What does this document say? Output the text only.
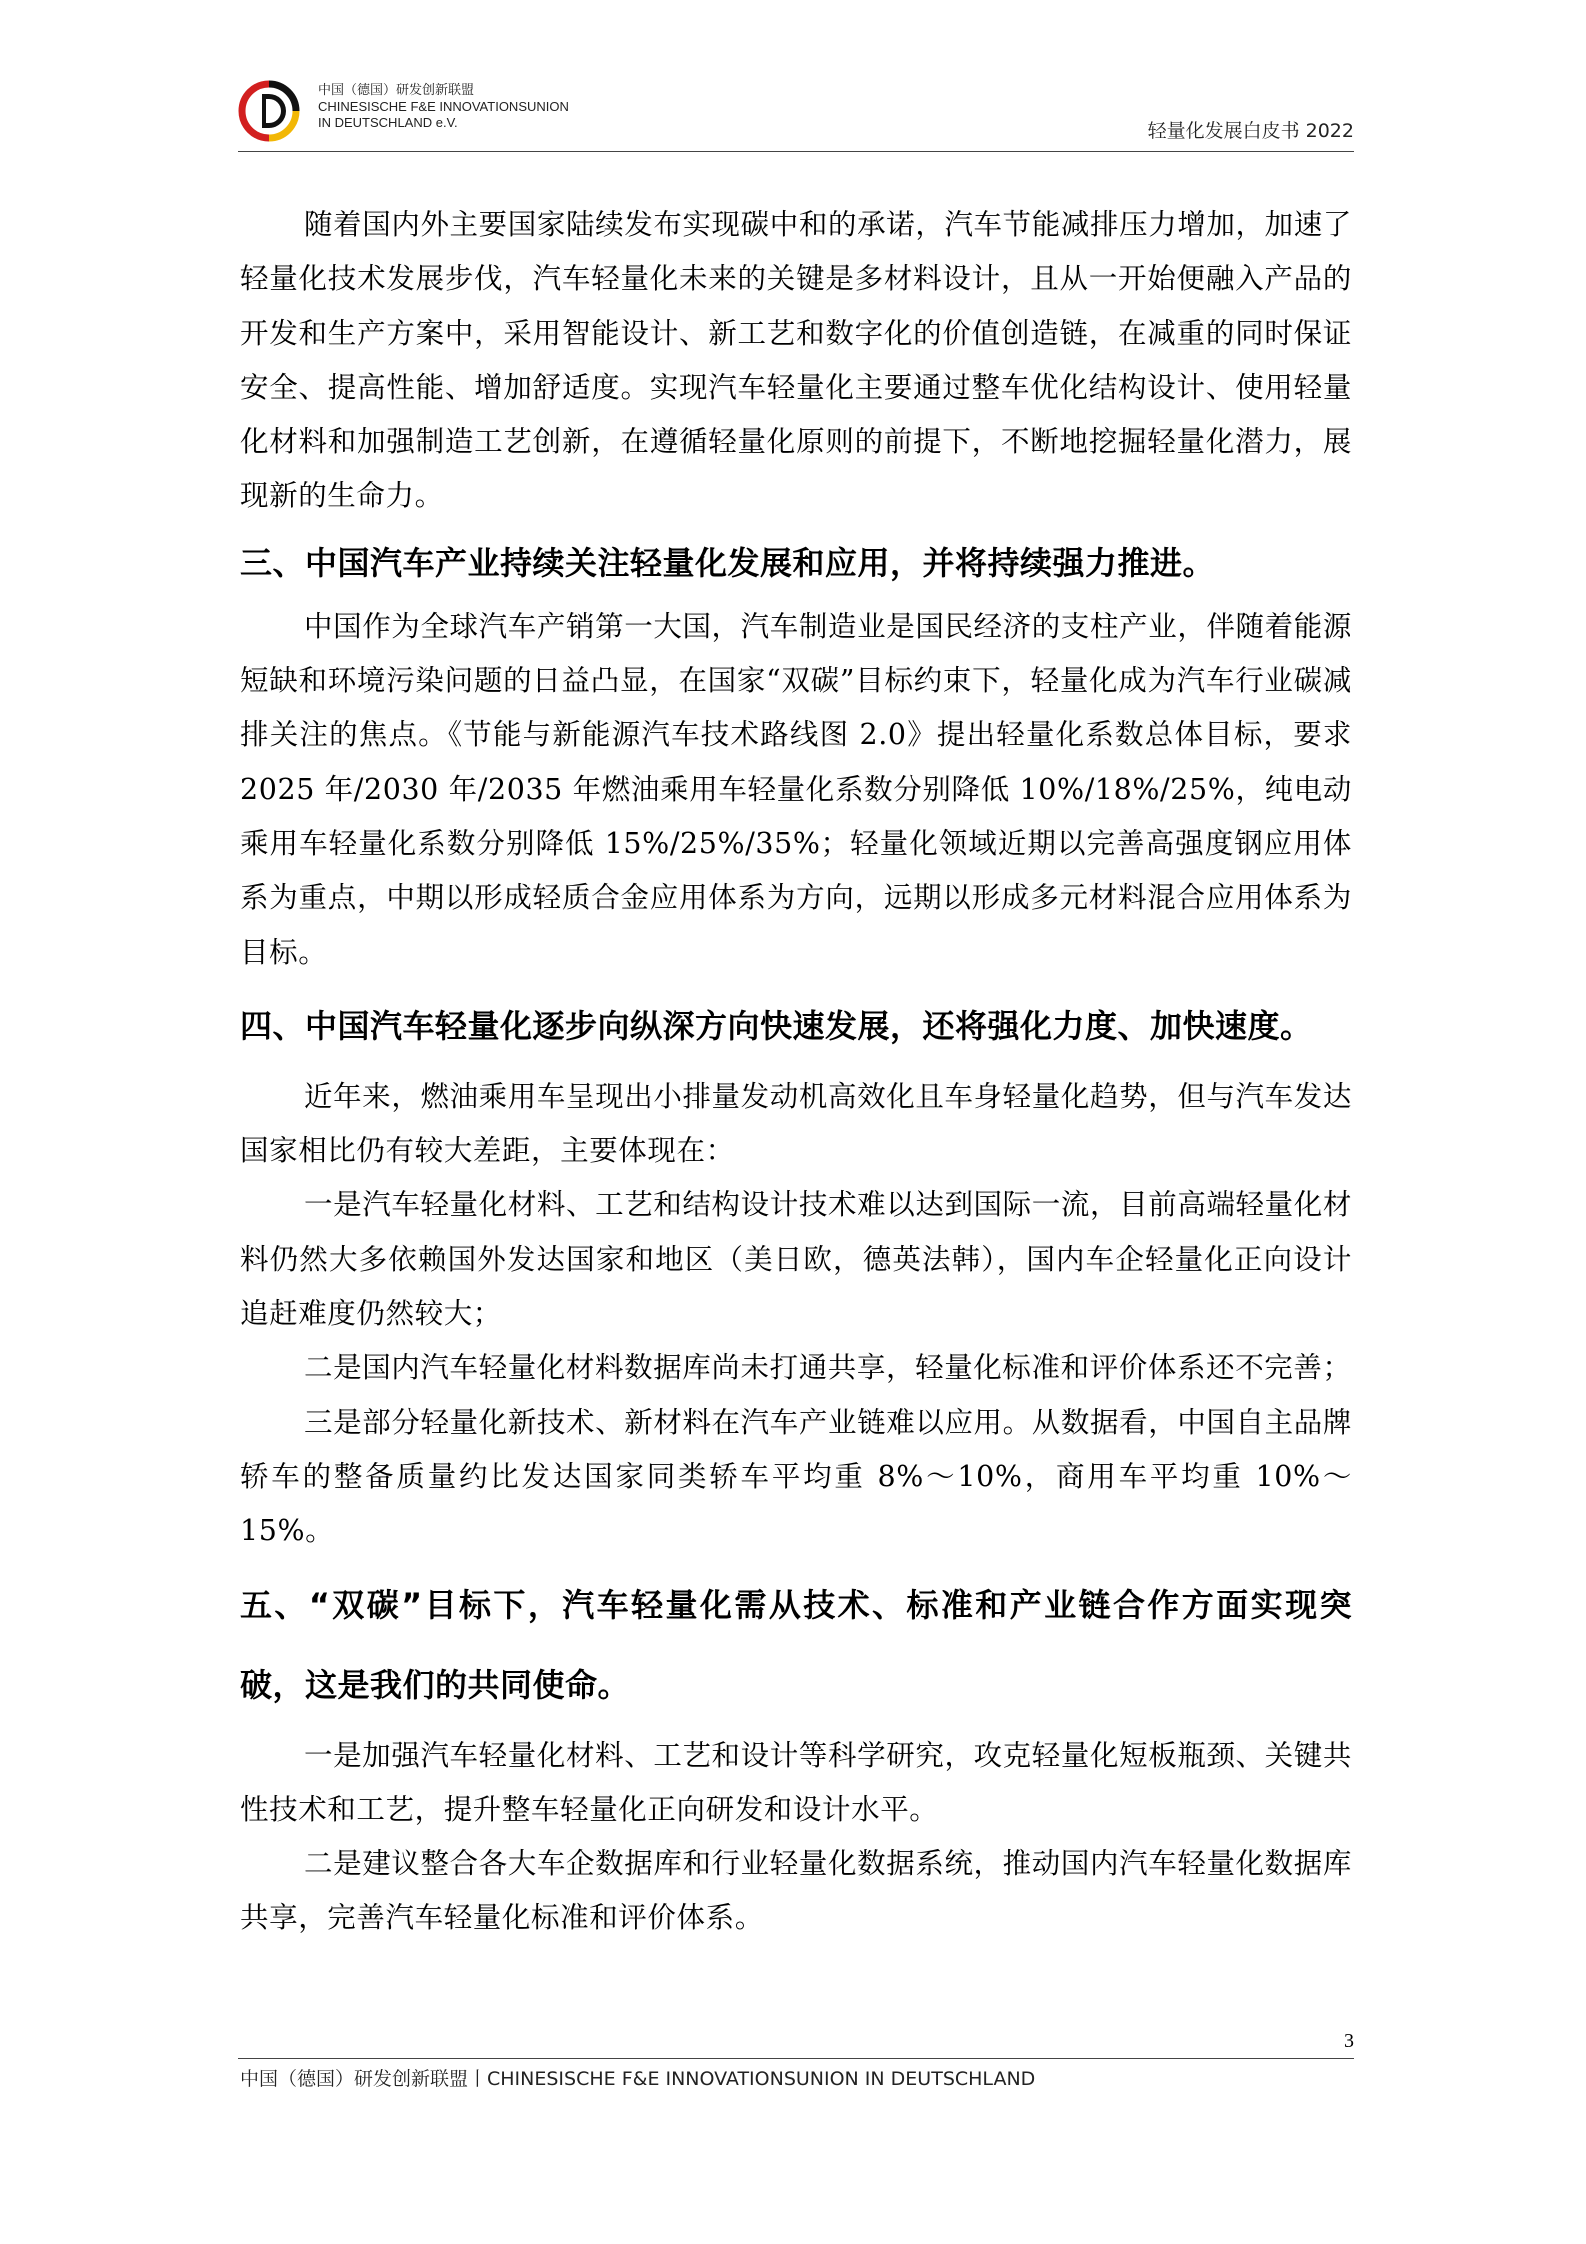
中国（德国）研发创新联盟
CHINESISCHE F&E INNOVATIONSUNION
IN DEUTSCHLAND e.V.	轻量化发展白皮书 2022

随着国内外主要国家陆续发布实现碳中和的承诺，汽车节能减排压力增加，加速了轻量化技术发展步伐，汽车轻量化未来的关键是多材料设计，且从一开始便融入产品的开发和生产方案中，采用智能设计、新工艺和数字化的价值创造链，在减重的同时保证安全、提高性能、增加舒适度。实现汽车轻量化主要通过整车优化结构设计、使用轻量化材料和加强制造工艺创新，在遵循轻量化原则的前提下，不断地挖掘轻量化潜力，展现新的生命力。

三、中国汽车产业持续关注轻量化发展和应用，并将持续强力推进。

中国作为全球汽车产销第一大国，汽车制造业是国民经济的支柱产业，伴随着能源短缺和环境污染问题的日益凸显，在国家“双碳”目标约束下，轻量化成为汽车行业碳减排关注的焦点。《节能与新能源汽车技术路线图 2.0》提出轻量化系数总体目标，要求 2025 年/2030 年/2035 年燃油乘用车轻量化系数分别降低 10%/18%/25%，纯电动乘用车轻量化系数分别降低 15%/25%/35%；轻量化领域近期以完善高强度钢应用体系为重点，中期以形成轻质合金应用体系为方向，远期以形成多元材料混合应用体系为目标。

四、中国汽车轻量化逐步向纵深方向快速发展，还将强化力度、加快速度。

近年来，燃油乘用车呈现出小排量发动机高效化且车身轻量化趋势，但与汽车发达国家相比仍有较大差距，主要体现在：

一是汽车轻量化材料、工艺和结构设计技术难以达到国际一流，目前高端轻量化材料仍然大多依赖国外发达国家和地区（美日欧，德英法韩），国内车企轻量化正向设计追赶难度仍然较大；

二是国内汽车轻量化材料数据库尚未打通共享，轻量化标准和评价体系还不完善；

三是部分轻量化新技术、新材料在汽车产业链难以应用。从数据看，中国自主品牌轿车的整备质量约比发达国家同类轿车平均重 8%～10%，商用车平均重 10%～15%。

五、“双碳”目标下，汽车轻量化需从技术、标准和产业链合作方面实现突破，这是我们的共同使命。

一是加强汽车轻量化材料、工艺和设计等科学研究，攻克轻量化短板瓶颈、关键共性技术和工艺，提升整车轻量化正向研发和设计水平。

二是建议整合各大车企数据库和行业轻量化数据系统，推动国内汽车轻量化数据库共享，完善汽车轻量化标准和评价体系。

3
中国（德国）研发创新联盟丨CHINESISCHE F&E INNOVATIONSUNION IN DEUTSCHLAND
